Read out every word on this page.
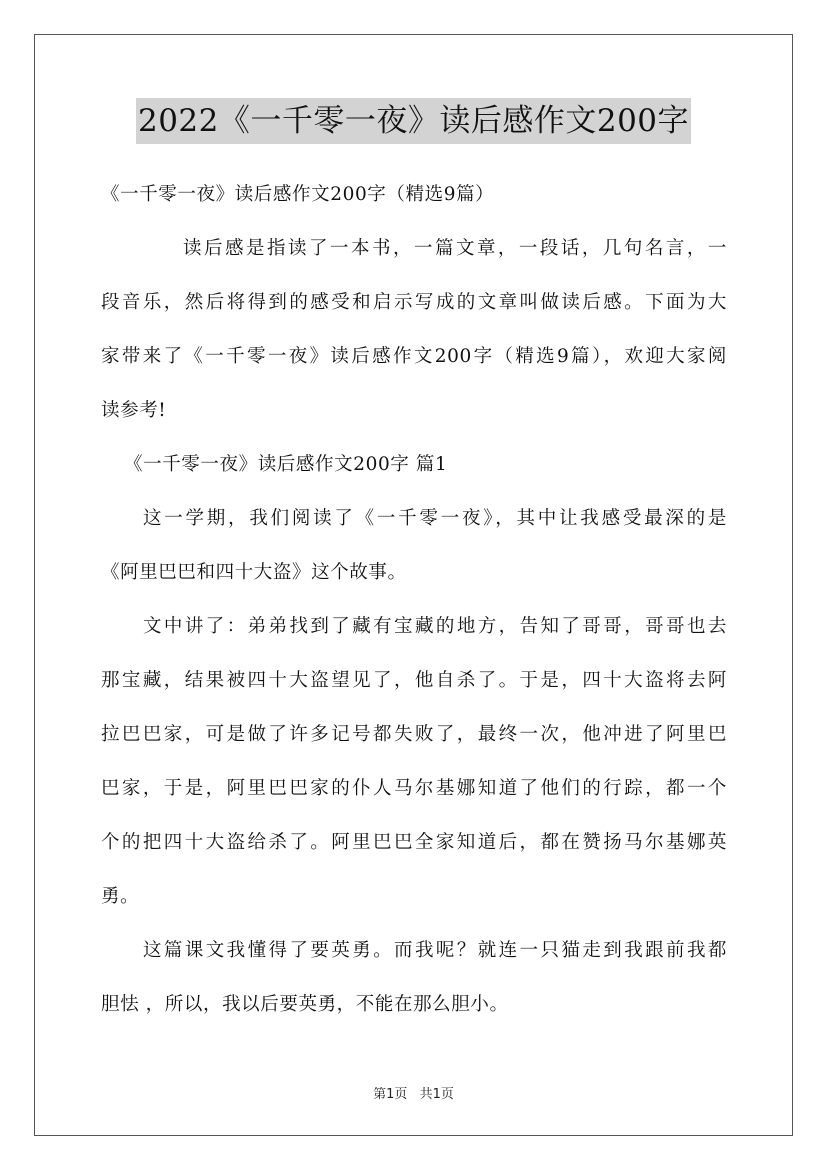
2022《一千零一夜》读后感作文200字
《一千零一夜》读后感作文200字（精选9篇）
读后感是指读了一本书，一篇文章，一段话，几句名言，一
段音乐，然后将得到的感受和启示写成的文章叫做读后感。下面为大
家带来了《一千零一夜》读后感作文200字（精选9篇），欢迎大家阅
读参考!
《一千零一夜》读后感作文200字 篇1
这一学期，我们阅读了《一千零一夜》，其中让我感受最深的是
《阿里巴巴和四十大盗》这个故事。
文中讲了：弟弟找到了藏有宝藏的地方，告知了哥哥，哥哥也去
那宝藏，结果被四十大盗望见了，他自杀了。于是，四十大盗将去阿
拉巴巴家，可是做了许多记号都失败了，最终一次，他冲进了阿里巴
巴家，于是，阿里巴巴家的仆人马尔基娜知道了他们的行踪，都一个
个的把四十大盗给杀了。阿里巴巴全家知道后，都在赞扬马尔基娜英
勇。
这篇课文我懂得了要英勇。而我呢？就连一只猫走到我跟前我都
胆怯 ，所以，我以后要英勇，不能在那么胆小。
第1页 共1页
